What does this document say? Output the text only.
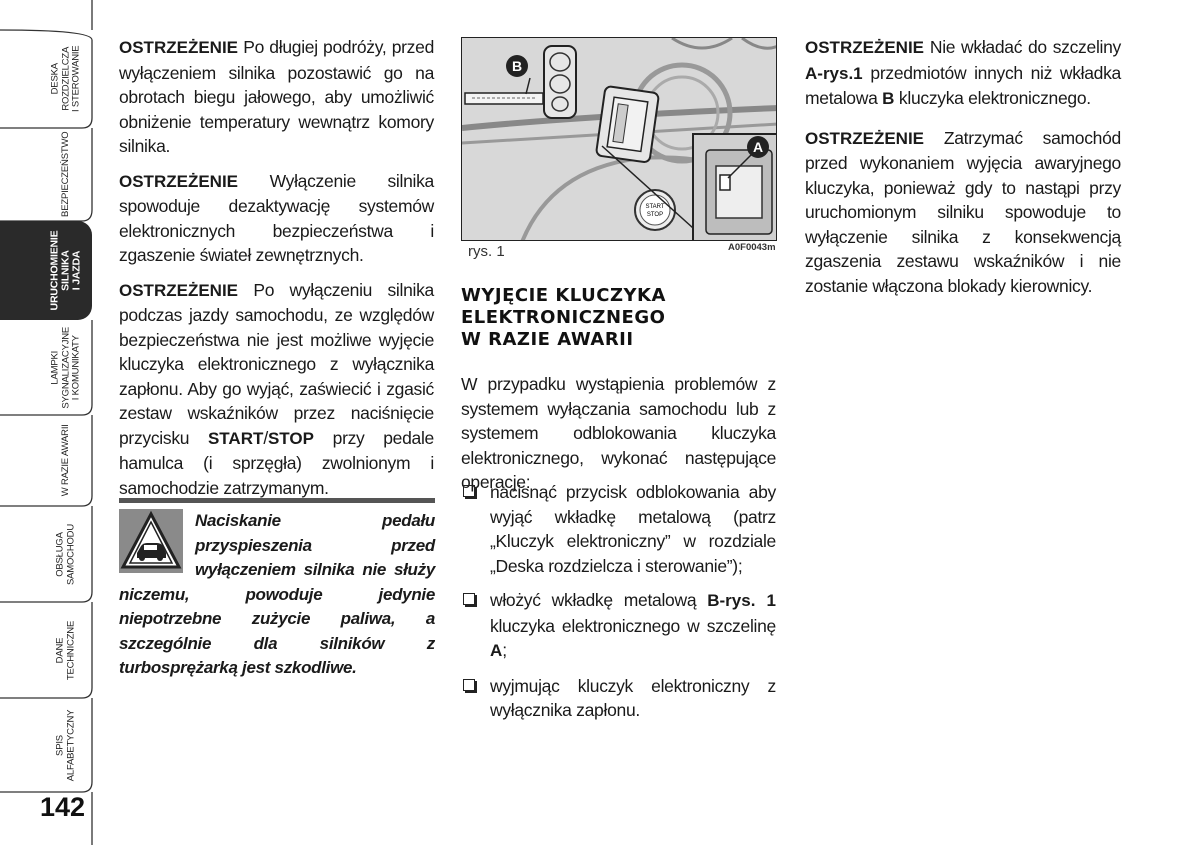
DESKA
ROZDZIELCZA
I STEROWANIE
BEZPIECZEŃSTWO
URUCHOMIENIE
SILNIKA
I JAZDA
LAMPKI
SYGNALIZACYJNE
I KOMUNIKATY
W RAZIE AWARII
OBSŁUGA
SAMOCHODU
DANE
TECHNICZNE
SPIS
ALFABETYCZNY
142

OSTRZEŻENIE Po długiej podróży, przed wyłączeniem silnika pozostawić go na obrotach biegu jałowego, aby umożliwić obniżenie temperatury wewnątrz komory silnika.

OSTRZEŻENIE Wyłączenie silnika spowoduje dezaktywację systemów elektronicznych bezpieczeństwa i zgaszenie świateł zewnętrznych.

OSTRZEŻENIE Po wyłączeniu silnika podczas jazdy samochodu, ze względów bezpieczeństwa nie jest możliwe wyjęcie kluczyka elektronicznego z wyłącznika zapłonu. Aby go wyjąć, zaświecić i zgasić zestaw wskaźników przez naciśnięcie przycisku START/STOP przy pedale hamulca (i sprzęgła) zwolnionym i samochodzie zatrzymanym.

Naciskanie pedału przyspieszenia przed wyłączeniem silnika nie służy niczemu, powoduje jedynie niepotrzebne zużycie paliwa, a szczególnie dla silników z turbosprężarką jest szkodliwe.
START
STOP
B
A
rys. 1	A0F0043m
WYJĘCIE KLUCZYKA
ELEKTRONICZNEGO
W RAZIE AWARII
W przypadku wystąpienia problemów z systemem wyłączania samochodu lub z systemem odblokowania kluczyka elektronicznego, wykonać następujące operacje:
nacisnąć przycisk odblokowania aby wyjąć wkładkę metalową (patrz „Kluczyk elektroniczny” w rozdziale „Deska rozdzielcza i sterowanie”);
włożyć wkładkę metalową B-rys. 1 kluczyka elektronicznego w szczelinę A;
wyjmując kluczyk elektroniczny z wyłącznika zapłonu.

OSTRZEŻENIE Nie wkładać do szczeliny A-rys.1 przedmiotów innych niż wkładka metalowa B kluczyka elektronicznego.

OSTRZEŻENIE Zatrzymać samochód przed wykonaniem wyjęcia awaryjnego kluczyka, ponieważ gdy to nastąpi przy uruchomionym silniku spowoduje to wyłączenie silnika z konsekwencją zgaszenia zestawu wskaźników i nie zostanie włączona blokady kierownicy.
